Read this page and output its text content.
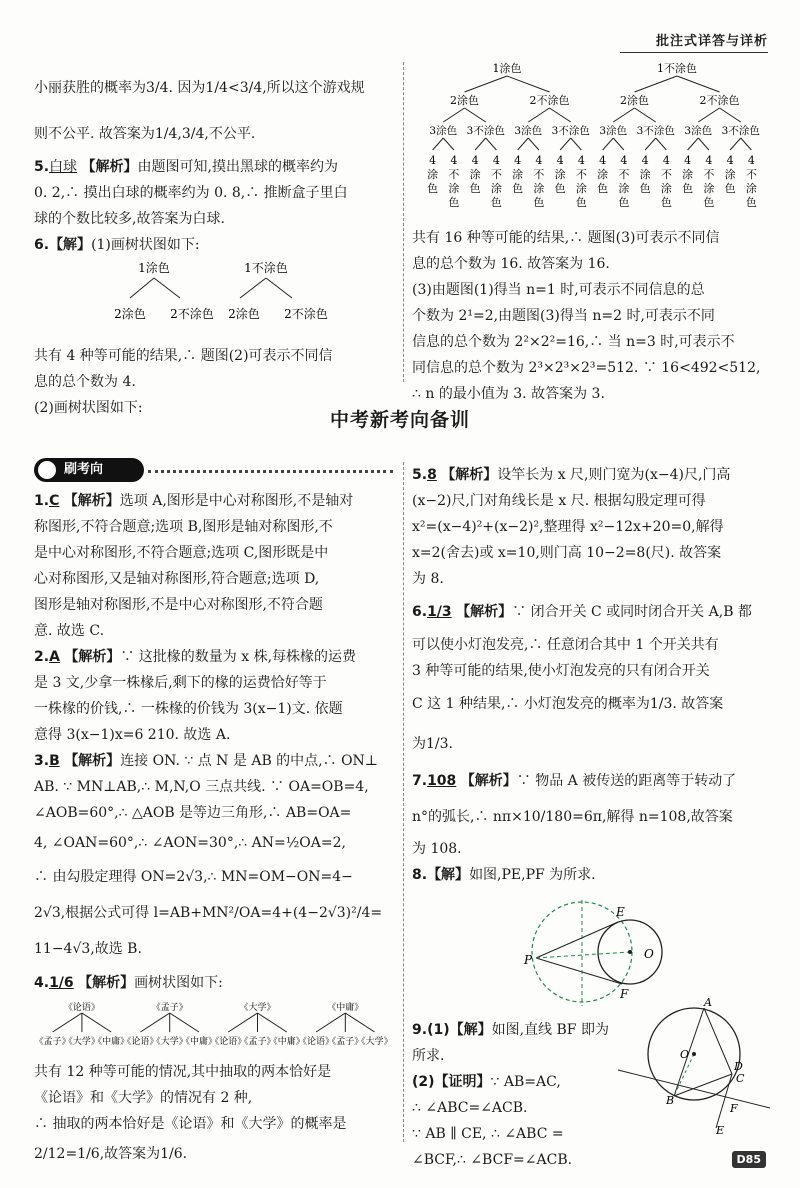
批注式详答与详析

小丽获胜的概率为3/4. 因为1/4<3/4,所以这个游戏规

则不公平. 故答案为1/4,3/4,不公平.

5.白球 【解析】由题图可知,摸出黑球的概率约为

0. 2,∴ 摸出白球的概率约为 0. 8,∴ 推断盒子里白

球的个数比较多,故答案为白球.

6.【解】(1)画树状图如下:

1涂色	1不涂色
2涂色 2不涂色 2涂色 2不涂色

共有 4 种等可能的结果,∴ 题图(2)可表示不同信

息的总个数为 4.

(2)画树状图如下:

1涂色	1不涂色
2涂色	2不涂色	2涂色	2不涂色
3涂色 3不涂色 3涂色 3不涂色 3涂色 3不涂色 3涂色 3不涂色
4
涂
色
4
不
涂
色
4
涂
色
4
不
涂
色
4
涂
色
4
不
涂
色
4
涂
色
4
不
涂
色
4
涂
色
4
不
涂
色
4
涂
色
4
不
涂
色
4
涂
色
4
不
涂
色
4
涂
色
4
不
涂
色

共有 16 种等可能的结果,∴ 题图(3)可表示不同信

息的总个数为 16. 故答案为 16.

(3)由题图(1)得当 n=1 时,可表示不同信息的总

个数为 2¹=2,由题图(3)得当 n=2 时,可表示不同

信息的总个数为 2²×2²=16,∴ 当 n=3 时,可表示不

同信息的总个数为 2³×2³×2³=512. ∵ 16<492<512,

∴ n 的最小值为 3. 故答案为 3.

中考新考向备训
刷考向

1.C 【解析】选项 A,图形是中心对称图形,不是轴对

称图形,不符合题意;选项 B,图形是轴对称图形,不

是中心对称图形,不符合题意;选项 C,图形既是中

心对称图形,又是轴对称图形,符合题意;选项 D,

图形是轴对称图形,不是中心对称图形,不符合题

意. 故选 C.

2.A 【解析】∵ 这批椽的数量为 x 株,每株椽的运费

是 3 文,少拿一株椽后,剩下的椽的运费恰好等于

一株椽的价钱,∴ 一株椽的价钱为 3(x−1)文. 依题

意得 3(x−1)x=6 210. 故选 A.

3.B 【解析】连接 ON. ∵ 点 N 是 AB 的中点,∴ ON⊥

AB. ∵ MN⊥AB,∴ M,N,O 三点共线. ∵ OA=OB=4,

∠AOB=60°,∴ △AOB 是等边三角形,∴ AB=OA=

4, ∠OAN=60°,∴ ∠AON=30°,∴ AN=½OA=2,

∴ 由勾股定理得 ON=2√3,∴ MN=OM−ON=4−

2√3,根据公式可得 l=AB+MN²/OA=4+(4−2√3)²/4=

11−4√3,故选 B.

4.1/6 【解析】画树状图如下:

《论语》	《孟子》	《大学》	《中庸》
《孟子》
《大学》
《中庸》
《论语》
《大学》
《中庸》
《论语》
《孟子》
《中庸》
《论语》
《孟子》
《大学》

共有 12 种等可能的情况,其中抽取的两本恰好是

《论语》和《大学》的情况有 2 种,

∴ 抽取的两本恰好是《论语》和《大学》的概率是

2/12=1/6,故答案为1/6.

5.8 【解析】设竿长为 x 尺,则门宽为(x−4)尺,门高

(x−2)尺,门对角线长是 x 尺. 根据勾股定理可得

x²=(x−4)²+(x−2)²,整理得 x²−12x+20=0,解得

x=2(舍去)或 x=10,则门高 10−2=8(尺). 故答案

为 8.

6.1/3 【解析】∵ 闭合开关 C 或同时闭合开关 A,B 都

可以使小灯泡发亮,∴ 任意闭合其中 1 个开关共有

3 种等可能的结果,使小灯泡发亮的只有闭合开关

C 这 1 种结果,∴ 小灯泡发亮的概率为1/3. 故答案

为1/3.

7.108 【解析】∵ 物品 A 被传送的距离等于转动了

n°的弧长,∴ nπ×10/180=6π,解得 n=108,故答案

为 108.

8.【解】如图,PE,PF 为所求.

O
P
E
F

9.(1)【解】如图,直线 BF 即为

所求.

(2)【证明】∵ AB=AC,

∴ ∠ABC=∠ACB.

∵ AB ∥ CE, ∴ ∠ABC =

∠BCF,∴ ∠BCF=∠ACB.

A
O
C
D
B
F
E
D85
